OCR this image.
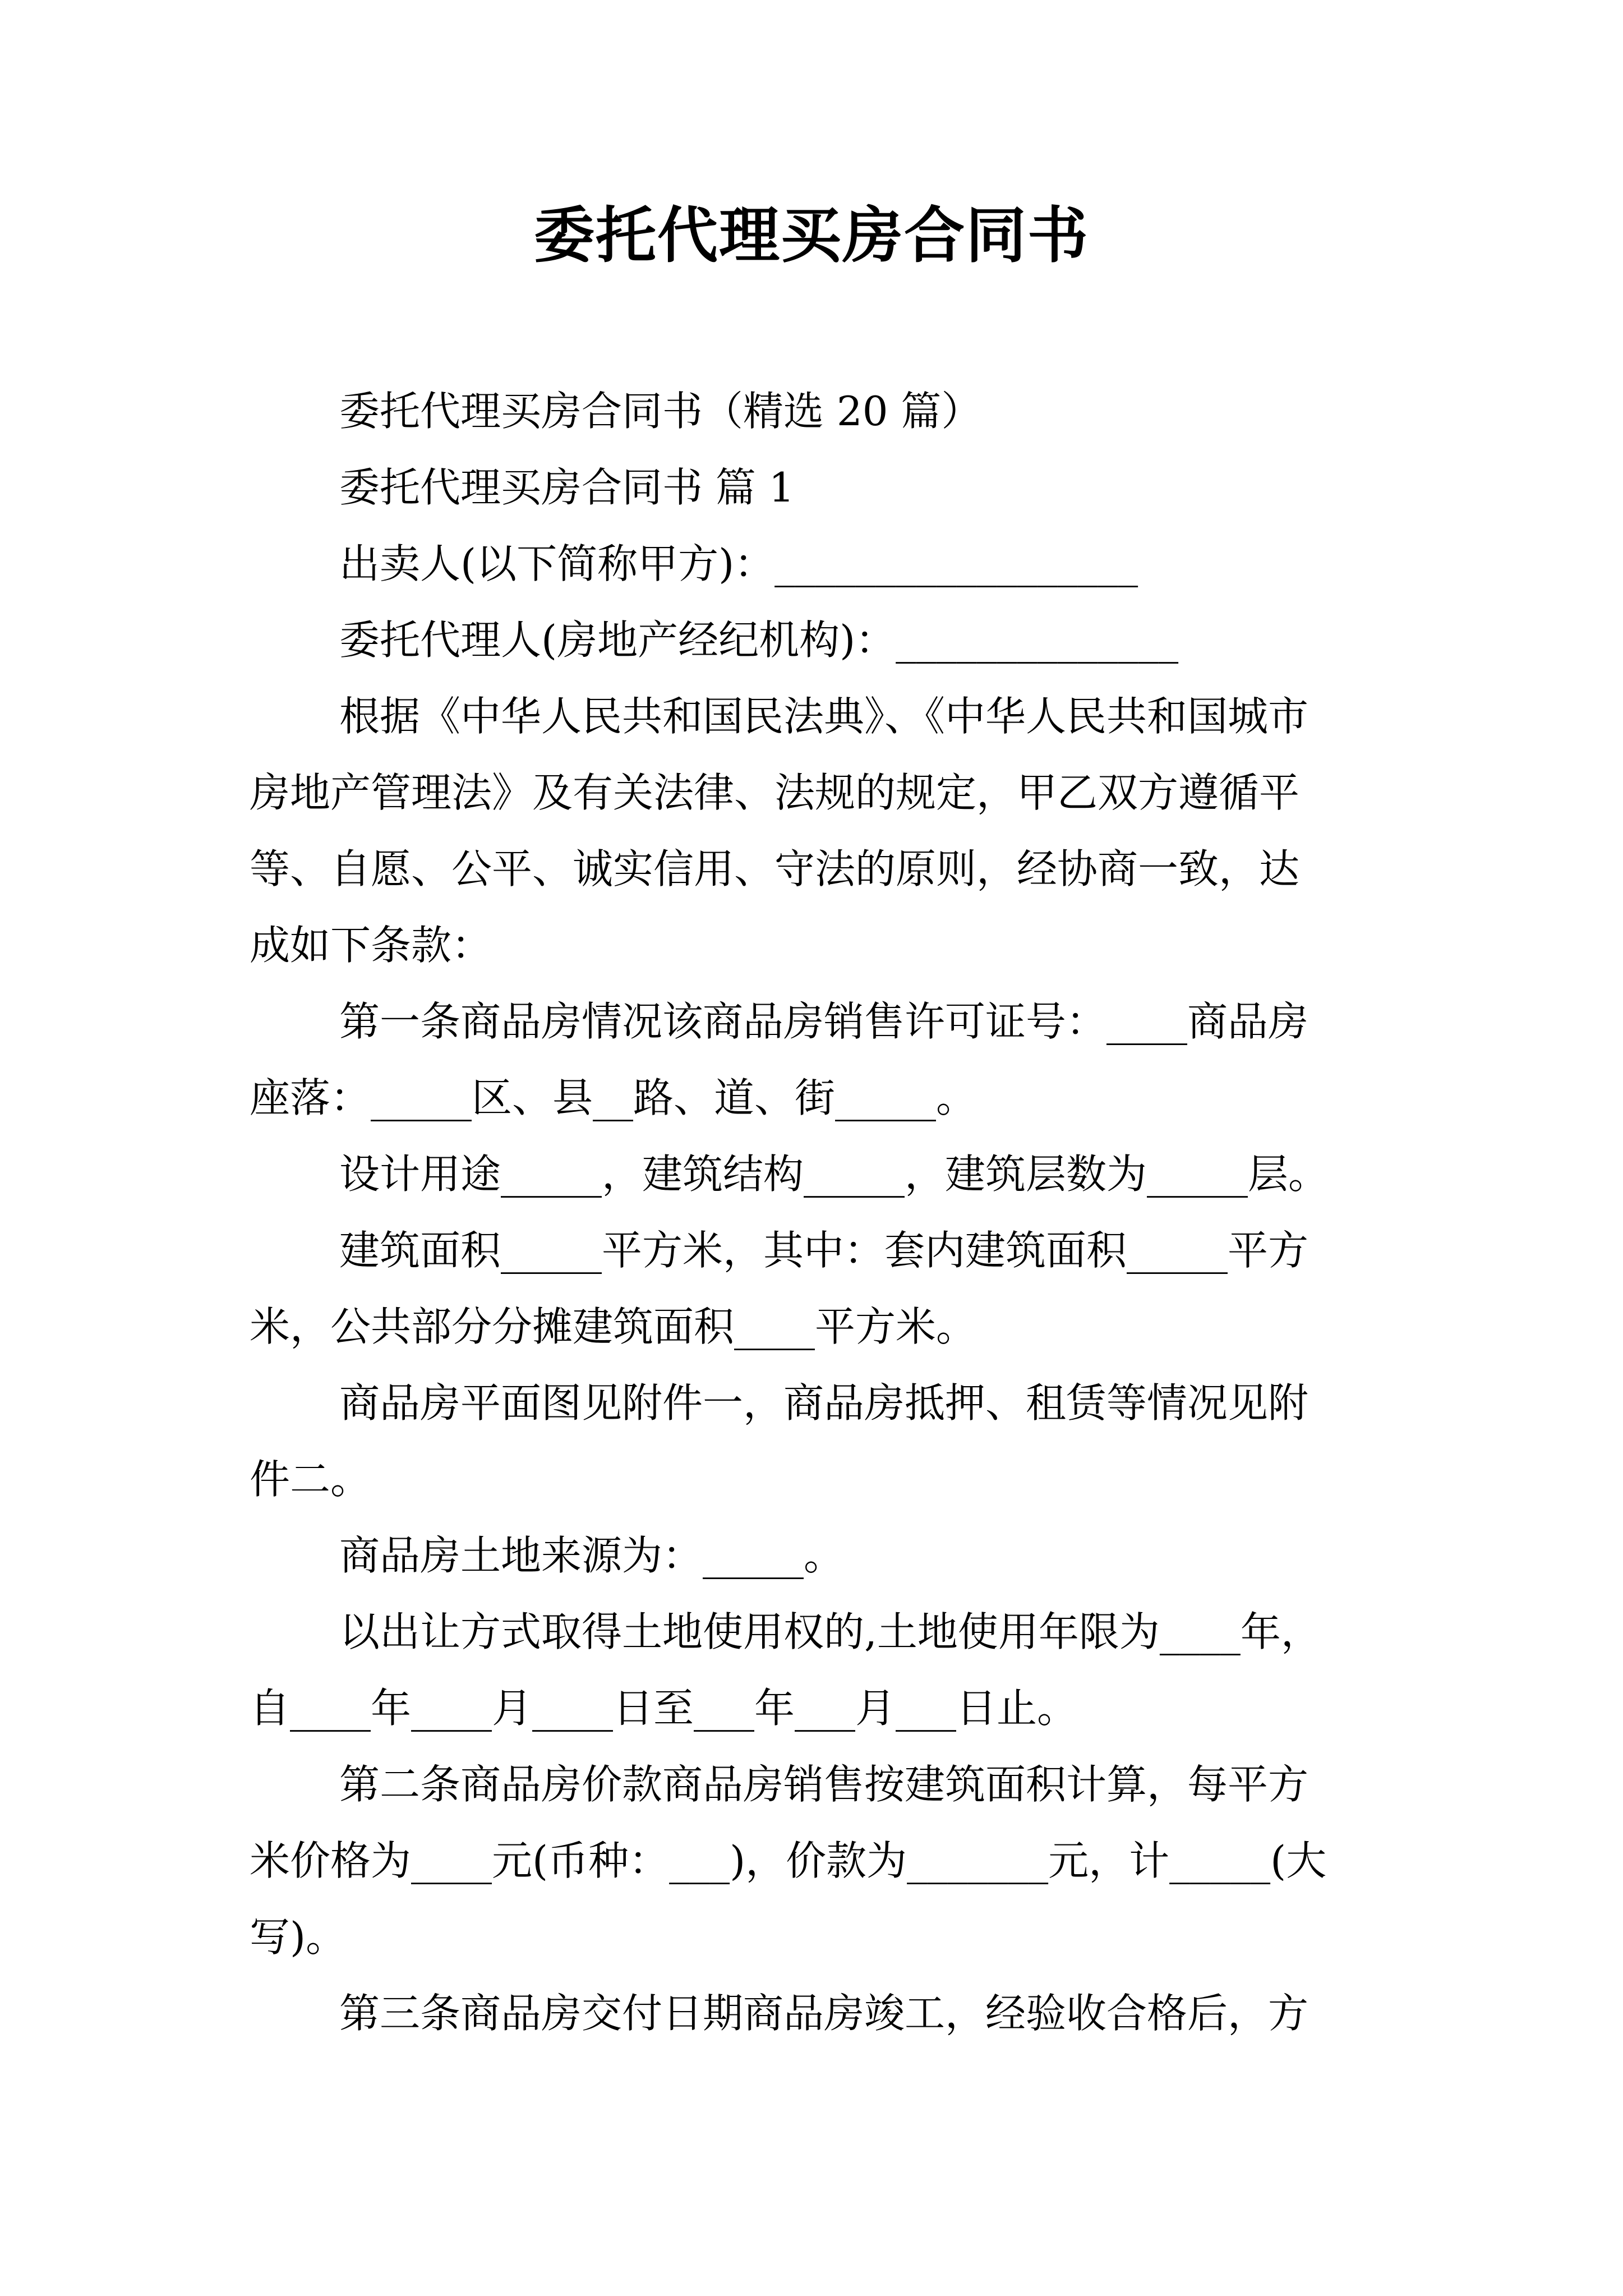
委托代理买房合同书

委托代理买房合同书（精选 20 篇）

委托代理买房合同书 篇 1

出卖人(以下简称甲方)：__________________

委托代理人(房地产经纪机构)：______________

根据《中华人民共和国民法典》、《中华人民共和国城市
房地产管理法》及有关法律、法规的规定，甲乙双方遵循平
等、自愿、公平、诚实信用、守法的原则，经协商一致，达
成如下条款：

第一条商品房情况该商品房销售许可证号：____商品房
座落：_____区、县__路、道、街_____。

设计用途_____，建筑结构_____，建筑层数为_____层。

建筑面积_____平方米，其中：套内建筑面积_____平方
米，公共部分分摊建筑面积____平方米。

商品房平面图见附件一，商品房抵押、租赁等情况见附
件二。

商品房土地来源为：_____。

以出让方式取得土地使用权的,土地使用年限为____年，
自____年____月____日至___年___月___日止。

第二条商品房价款商品房销售按建筑面积计算，每平方
米价格为____元(币种：___)，价款为_______元，计_____(大
写)。

第三条商品房交付日期商品房竣工，经验收合格后，方
